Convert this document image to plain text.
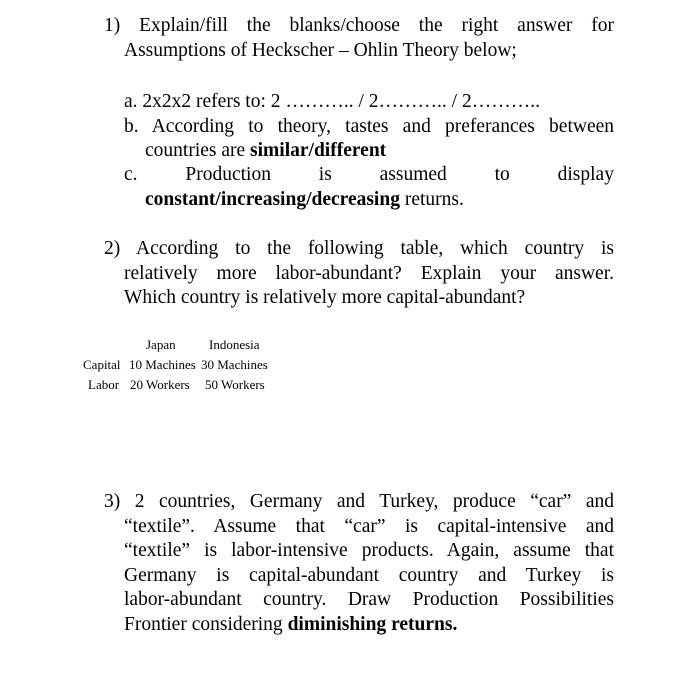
1) Explain/fill the blanks/choose the right answer for
Assumptions of Heckscher – Ohlin Theory below;
a. 2x2x2 refers to: 2 ……….. / 2……….. / 2………..
b. According to theory, tastes and preferances between
countries are similar/different
c. Production is assumed to display
constant/increasing/decreasing returns.
2) According to the following table, which country is
relatively more labor-abundant? Explain your answer.
Which country is relatively more capital-abundant?
Japan	Indonesia
Capital 10 Machines 30 Machines
Labor 20 Workers 50 Workers
3) 2 countries, Germany and Turkey, produce “car” and
“textile”. Assume that “car” is capital-intensive and
“textile” is labor-intensive products. Again, assume that
Germany is capital-abundant country and Turkey is
labor-abundant country. Draw Production Possibilities
Frontier considering diminishing returns.
